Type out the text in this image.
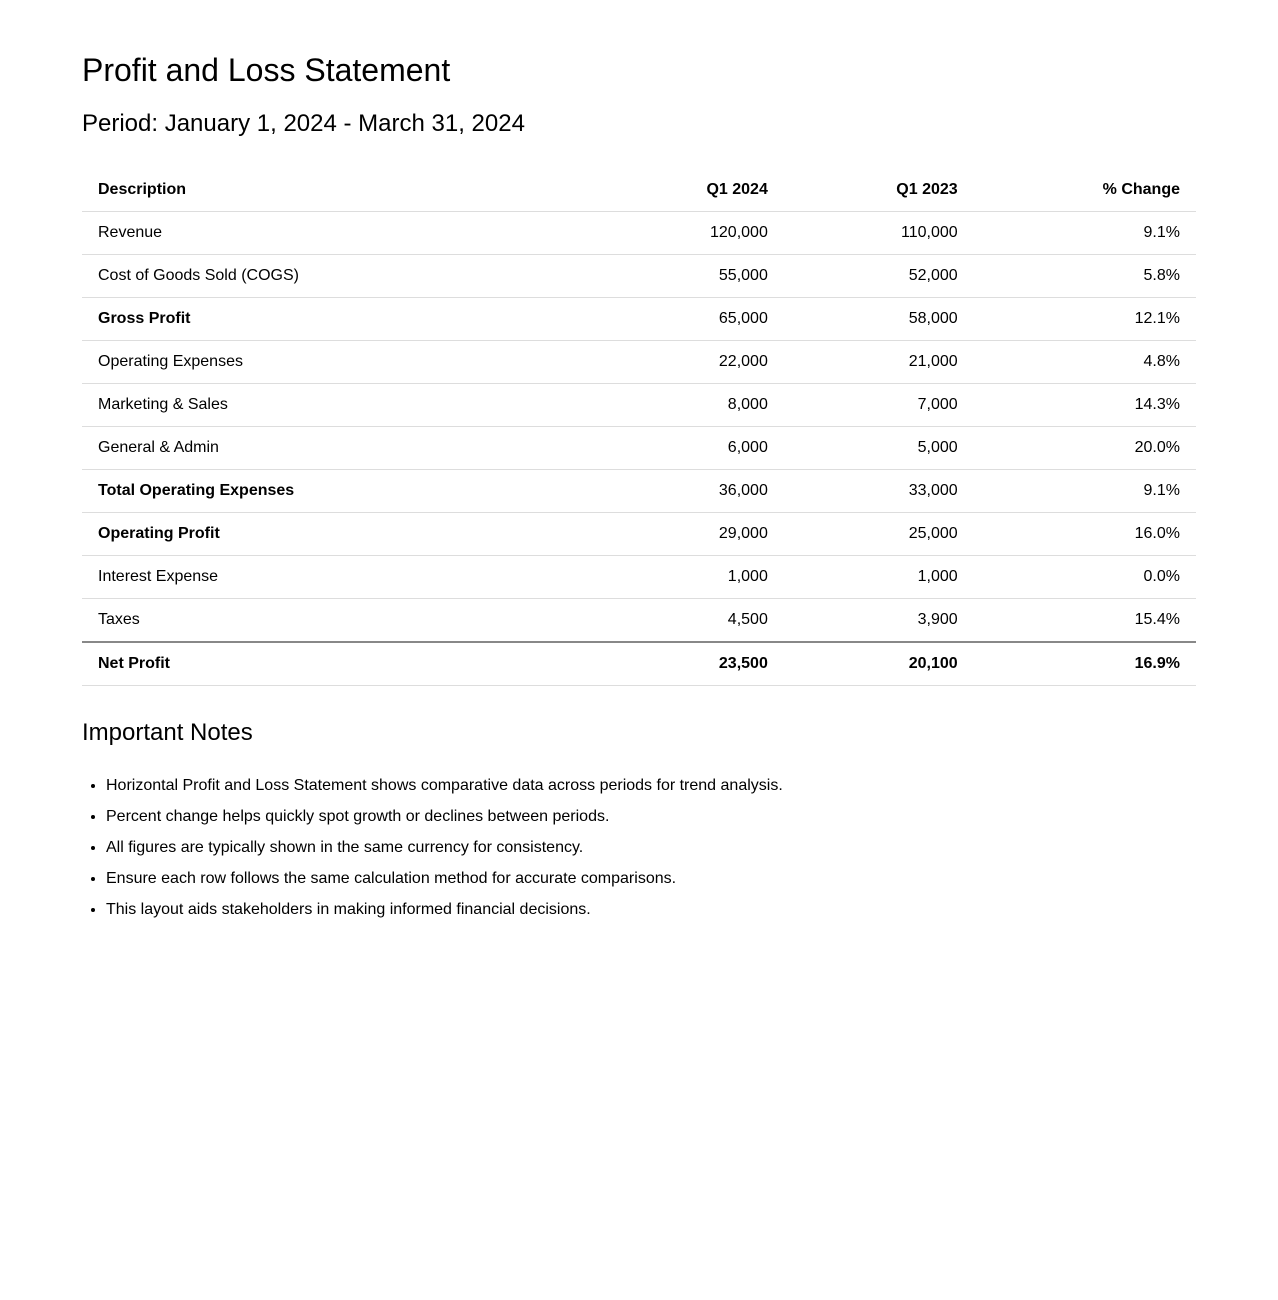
Profit and Loss Statement
Period: January 1, 2024 - March 31, 2024
Description	Q1 2024	Q1 2023	% Change
Revenue	120,000	110,000	9.1%
Cost of Goods Sold (COGS)	55,000	52,000	5.8%
Gross Profit	65,000	58,000	12.1%
Operating Expenses	22,000	21,000	4.8%
Marketing & Sales	8,000	7,000	14.3%
General & Admin	6,000	5,000	20.0%
Total Operating Expenses	36,000	33,000	9.1%
Operating Profit	29,000	25,000	16.0%
Interest Expense	1,000	1,000	0.0%
Taxes	4,500	3,900	15.4%
Net Profit	23,500	20,100	16.9%
Important Notes
• Horizontal Profit and Loss Statement shows comparative data across periods for trend analysis.
• Percent change helps quickly spot growth or declines between periods.
• All figures are typically shown in the same currency for consistency.
• Ensure each row follows the same calculation method for accurate comparisons.
• This layout aids stakeholders in making informed financial decisions.
